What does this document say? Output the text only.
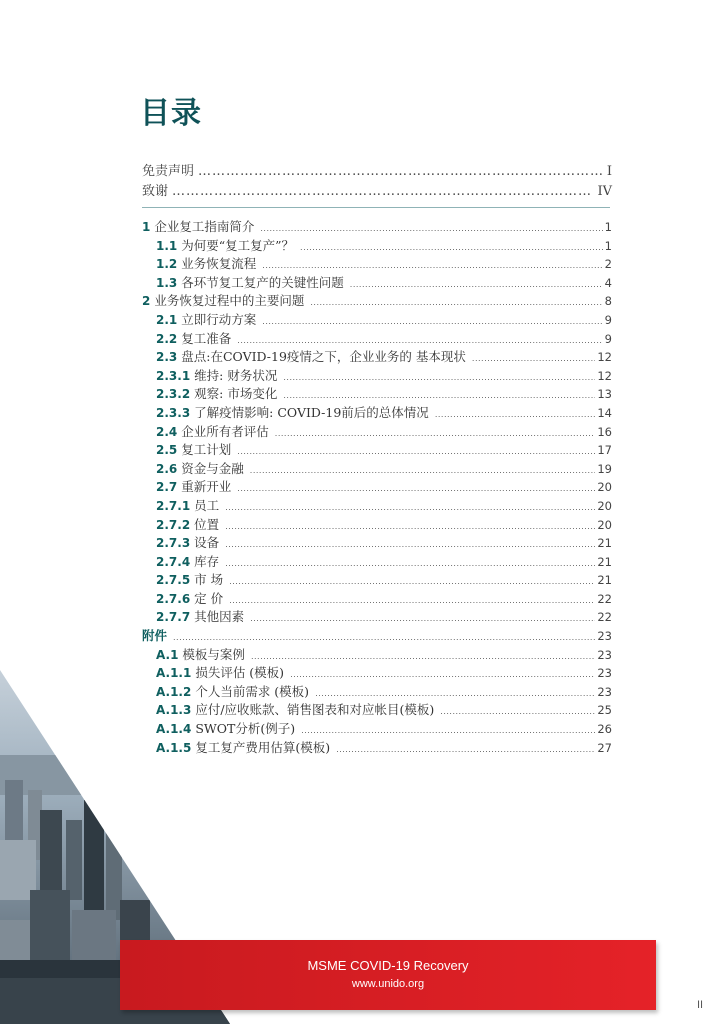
目录
免责声明 ……………………………………………………………………………………………………………………………………	I
致谢 ……………………………………………………………………………………………………………………………………	IV
1 企业复工指南简介 .....	1
1.1 为何要“复工复产”？ .....	1
1.2 业务恢复流程 .....	2
1.3 各环节复工复产的关键性问题 .....	4
2 业务恢复过程中的主要问题 .....	8
2.1 立即行动方案 .....	9
2.2 复工准备 .....	9
2.3 盘点:在COVID-19疫情之下，企业业务的 基本现状 .....	12
2.3.1 维持: 财务状况 .....	12
2.3.2 观察: 市场变化 .....	13
2.3.3 了解疫情影响: COVID-19前后的总体情况 .....	14
2.4 企业所有者评估 .....	16
2.5 复工计划 .....	17
2.6 资金与金融 .....	19
2.7 重新开业 .....	20
2.7.1 员工 .....	20
2.7.2 位置 .....	20
2.7.3 设备 .....	21
2.7.4 库存 .....	21
2.7.5 市 场 .....	21
2.7.6 定 价 .....	22
2.7.7 其他因素 .....	22
附件 .....	23
A.1 模板与案例 .....	23
A.1.1 损失评估 (模板) .....	23
A.1.2 个人当前需求 (模板) .....	23
A.1.3 应付/应收账款、销售图表和对应帐目(模板) .....	25
A.1.4 SWOT分析(例子) .....	26
A.1.5 复工复产费用估算(模板) .....	27
MSME COVID-19 Recovery
www.unido.org
II
